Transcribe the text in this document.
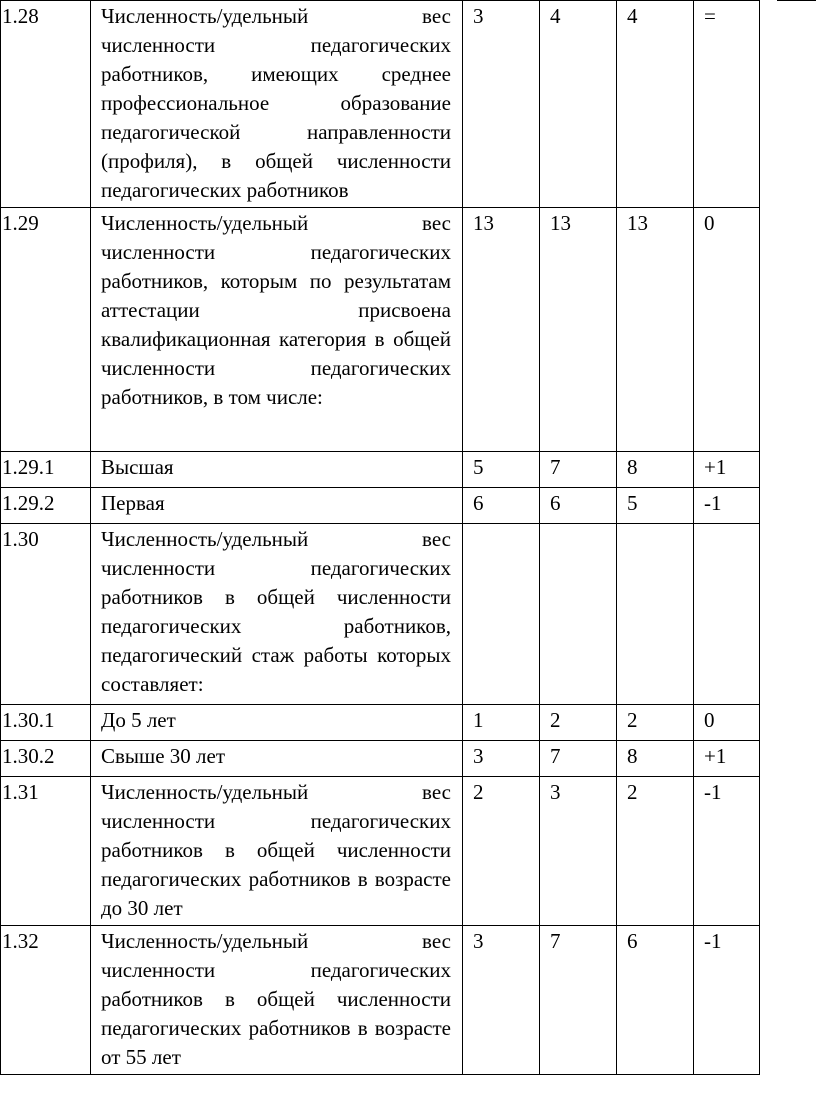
1.28	Численность/удельный вес численности педагогических работников, имеющих среднее профессиональное образование педагогической направленности (профиля), в общей численности педагогических работников	3	4	4	=
1.29	Численность/удельный вес численности педагогических работников, которым по результатам аттестации присвоена квалификационная категория в общей численности педагогических работников, в том числе:	13	13	13	0
1.29.1	Высшая	5	7	8	+1
1.29.2	Первая	6	6	5	-1
1.30	Численность/удельный вес численности педагогических работников в общей численности педагогических работников, педагогический стаж работы которых составляет:				
1.30.1	До 5 лет	1	2	2	0
1.30.2	Свыше 30 лет	3	7	8	+1
1.31	Численность/удельный вес численности педагогических работников в общей численности педагогических работников в возрасте до 30 лет	2	3	2	-1
1.32	Численность/удельный вес численности педагогических работников в общей численности педагогических работников в возрасте от 55 лет	3	7	6	-1
